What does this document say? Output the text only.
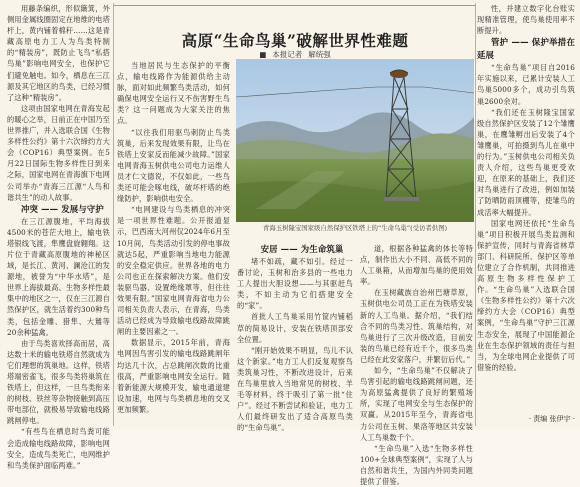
用藤条编织，形似簸箕，外侧用金属线圈固定在地维的电塔杆上，黄内铺着棉秆……这是青藏高原电力工人为鸟类特制的“精装房”，既防止飞鸟“私搭鸟巢”影响电网安全，也保护它们避免触电。如今，栖息在三江源及其它地区的鸟类，已经习惯了这种“精装房”。

这项由国家电网在青海发起的暖心之举，日前正在中国乃至世界推广，并入选联合国《生物多样性公约》第十六次缔约方大会（COP16）典型案例。在5月22日国际生物多样性日到来之际，国家电网在青海旗下电网公司举办“青海三江源“人鸟和谐共生”的动人故事。

冲突 —— 发展与守护

在三江源腹地，平均海拔4500米的苍茫大地上，输电铁塔银线飞渡，隼鹰盘旋翱翔。这片位于青藏高原腹地的神秘区域，是长江、黄河、澜沧江的发源地，被誉为“中华水塔”，是世界上海拔最高、生物多样性最集中的地区之一，仅在三江源自然保护区，就生活着约300种鸟类，包括金雕、猎隼、大鵟等20余种猛禽。

由于鸟类喜欢择高而居，高达数十米的输电铁塔自然就成为它们理想的筑巢地。这样，铁塔塔端密雀飞，很多鸟类将巢筑在铁塔上，但这样，一旦鸟类衔来的树枝、铁丝等杂物接触到高压带电部位，就极易导致输电线路跳闸停电。

“有些鸟在栖息时鸟粪可能会造成输电线路故障，影响电网安全，造成鸟类死亡，电网维护和鸟类保护面临两难。”

高原“生命鸟巢”破解世界性难题
■ 本报记者 解统强

当地居民与生态保护的平衡点，输电线路作为能源供给主动脉，面对如此频繁鸟类活动，如何确保电网安全运行又不伤害野生鸟类？这一问题成为大家关注的焦点。

“以往我们用驱鸟刺防止鸟类筑巢，后来发现效果有限，让鸟在铁塔上安家反而能减少故障。”国家电网青海玉树供电公司电力运维人员才仁文德说，不仅如此，一些鸟类还可能会啄电线，破坏杆塔的绝缘防护，影响供电安全。

“电网建设与鸟类栖息的冲突是一项世界性难题。公开报道显示，巴西南大河州仅2024年6月至10月间，鸟类活动引发的停电事故就达5起，严重影响当地电力能源的安全稳定供应。世界各地的电力公司也正在探索解决方案。他们安装驱鸟器、设置绝缘罩等，但往往效果有限。”国家电网青海省电力公司相关负责人表示，在青海，鸟类活动已经成为导致输电线路故障跳闸的主要因素之一。

数据显示，2015年前，青海电网因鸟害引发的输电线路跳闸年均达几十次，占总跳闸次数的比重很高，严重影响电网安全运行。随着新能源大规模开发，输电通道建设加速，电网与鸟类栖息地的交叉更加频繁。

青海玉树隆宝国家级自然保护区铁塔上的“生命鸟巢”(受访者供图)

安居 —— 为生命筑巢

堵不如疏，藏不如引。经过一番讨论，玉树和治多县的一些电力工人提出大胆设想——与其驱赶鸟类，不如主动为它们搭建安全的“家”。

首批人工鸟巢采用竹筐内铺稻草的简易设计，安装在铁塔顶部安全位置。

“刚开始效果不明显，鸟儿不认这个新家。”电力工人们反复观察鸟类筑巢习性，不断改进设计，后来在鸟巢里放入当地常见的树枝、羊毛等材料，终于吸引了第一批“住户”。经过不断尝试和验证，电力工人们最终研发出了适合高原鸟类的“生命鸟巢”。

道，根据各种猛禽的体长等特点，制作出大小不同、高低不同的人工巢箱，从而增加鸟巢的使用效率。

在玉树藏族自治州巴塘草原，玉树供电公司员工正在为铁塔安装新的人工鸟巢。据介绍，“我们结合不同的鸟类习性、筑巢结构，对鸟巢进行了三次升级改造，目前安装的鸟巢已经有近千个，很多鸟类已经在此安家落户，并繁衍后代。”

如今，“生命鸟巢”不仅解决了鸟害引起的输电线路跳闸问题，还为高原猛禽提供了良好的繁殖场所，实现了电网安全与生态保护的双赢。从2015年至今，青海省电力公司在玉树、果洛等地区共安装人工鸟巢数千个。

“生命鸟巢”入选“生物多样性100+全球典型案例”，实现了人与自然和谐共生，为国内外同类问题提供了借鉴。

性，并建立数字化台账实现精准管理，使鸟巢使用率不断提升。

管护 —— 保护举措在延展

“生命鸟巢”项目自2016年实施以来，已累计安装人工鸟巢5000多个，成功引鸟筑巢2600余对。

“我们还在玉树隆宝国家级自然保护区安装了12个雏鹰巢，在鹰雏孵出后安装了4个雏鹰巢，可拍摄到鸟儿在巢中的行为。”玉树供电公司相关负责人介绍，这些鸟巢更受欢迎，在原来的基础上，我们还对鸟巢进行了改进，例如加装了防晒防雨顶棚等，使雏鸟的成活率大幅提升。

国家电网还依托“生命鸟巢”项目积极开展鸟类监测和保护宣传，同时与青海省林草部门、科研院所、保护区等单位建立了合作机制，共同推进高原生物多样性保护工作。“生命鸟巢”入选联合国《生物多样性公约》第十六次缔约方大会（COP16）典型案例，“生命鸟巢”守护三江源生态安全，展现了中国能源企业在生态保护领域的责任与担当，为全球电网企业提供了可借鉴的经验。

· 责编 张伊宇 ·
